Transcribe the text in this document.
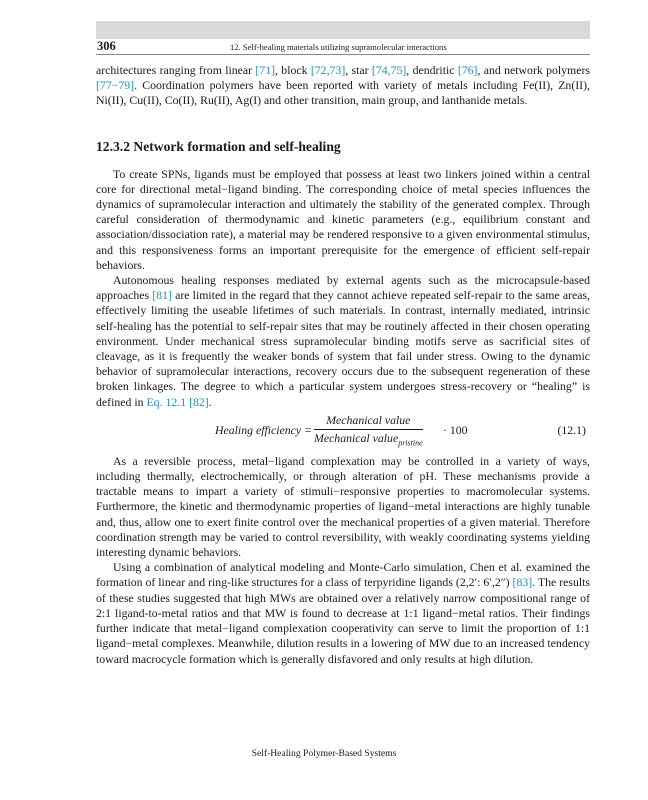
306	12. Self-healing materials utilizing supramolecular interactions

architectures ranging from linear [71], block [72,73], star [74,75], dendritic [76], and network polymers [77−79]. Coordination polymers have been reported with variety of metals including Fe(II), Zn(II), Ni(II), Cu(II), Co(II), Ru(II), Ag(I) and other transition, main group, and lanthanide metals.

12.3.2 Network formation and self-healing

To create SPNs, ligands must be employed that possess at least two linkers joined within a central core for directional metal−ligand binding. The corresponding choice of metal species influences the dynamics of supramolecular interaction and ultimately the stability of the generated complex. Through careful consideration of thermodynamic and kinetic parameters (e.g., equilibrium constant and association/dissociation rate), a material may be rendered responsive to a given environmental stimulus, and this responsiveness forms an important prerequisite for the emergence of efficient self-repair behaviors.

Autonomous healing responses mediated by external agents such as the microcapsule-based approaches [81] are limited in the regard that they cannot achieve repeated self-repair to the same areas, effectively limiting the useable lifetimes of such materials. In contrast, internally mediated, intrinsic self-healing has the potential to self-repair sites that may be routinely affected in their chosen operating environment. Under mechanical stress supramolecular binding motifs serve as sacrificial sites of cleavage, as it is frequently the weaker bonds of system that fail under stress. Owing to the dynamic behavior of supramolecular interactions, recovery occurs due to the subsequent regeneration of these broken linkages. The degree to which a particular system undergoes stress-recovery or “healing” is defined in Eq. 12.1 [82].

Healing efficiency =
Mechanical value
Mechanical value$_{pristine}$
· 100	(12.1)

As a reversible process, metal−ligand complexation may be controlled in a variety of ways, including thermally, electrochemically, or through alteration of pH. These mechanisms provide a tractable means to impart a variety of stimuli−responsive properties to macromolecular systems. Furthermore, the kinetic and thermodynamic properties of ligand−metal interactions are highly tunable and, thus, allow one to exert finite control over the mechanical properties of a given material. Therefore coordination strength may be varied to control reversibility, with weakly coordinating systems yielding interesting dynamic behaviors.

Using a combination of analytical modeling and Monte-Carlo simulation, Chen et al. examined the formation of linear and ring-like structures for a class of terpyridine ligands (2,2′: 6′,2″) [83]. The results of these studies suggested that high MWs are obtained over a relatively narrow compositional range of 2:1 ligand-to-metal ratios and that MW is found to decrease at 1:1 ligand−metal ratios. Their findings further indicate that metal−ligand complexation cooperativity can serve to limit the proportion of 1:1 ligand−metal complexes. Meanwhile, dilution results in a lowering of MW due to an increased tendency toward macrocycle formation which is generally disfavored and only results at high dilution.

Self-Healing Polymer-Based Systems
